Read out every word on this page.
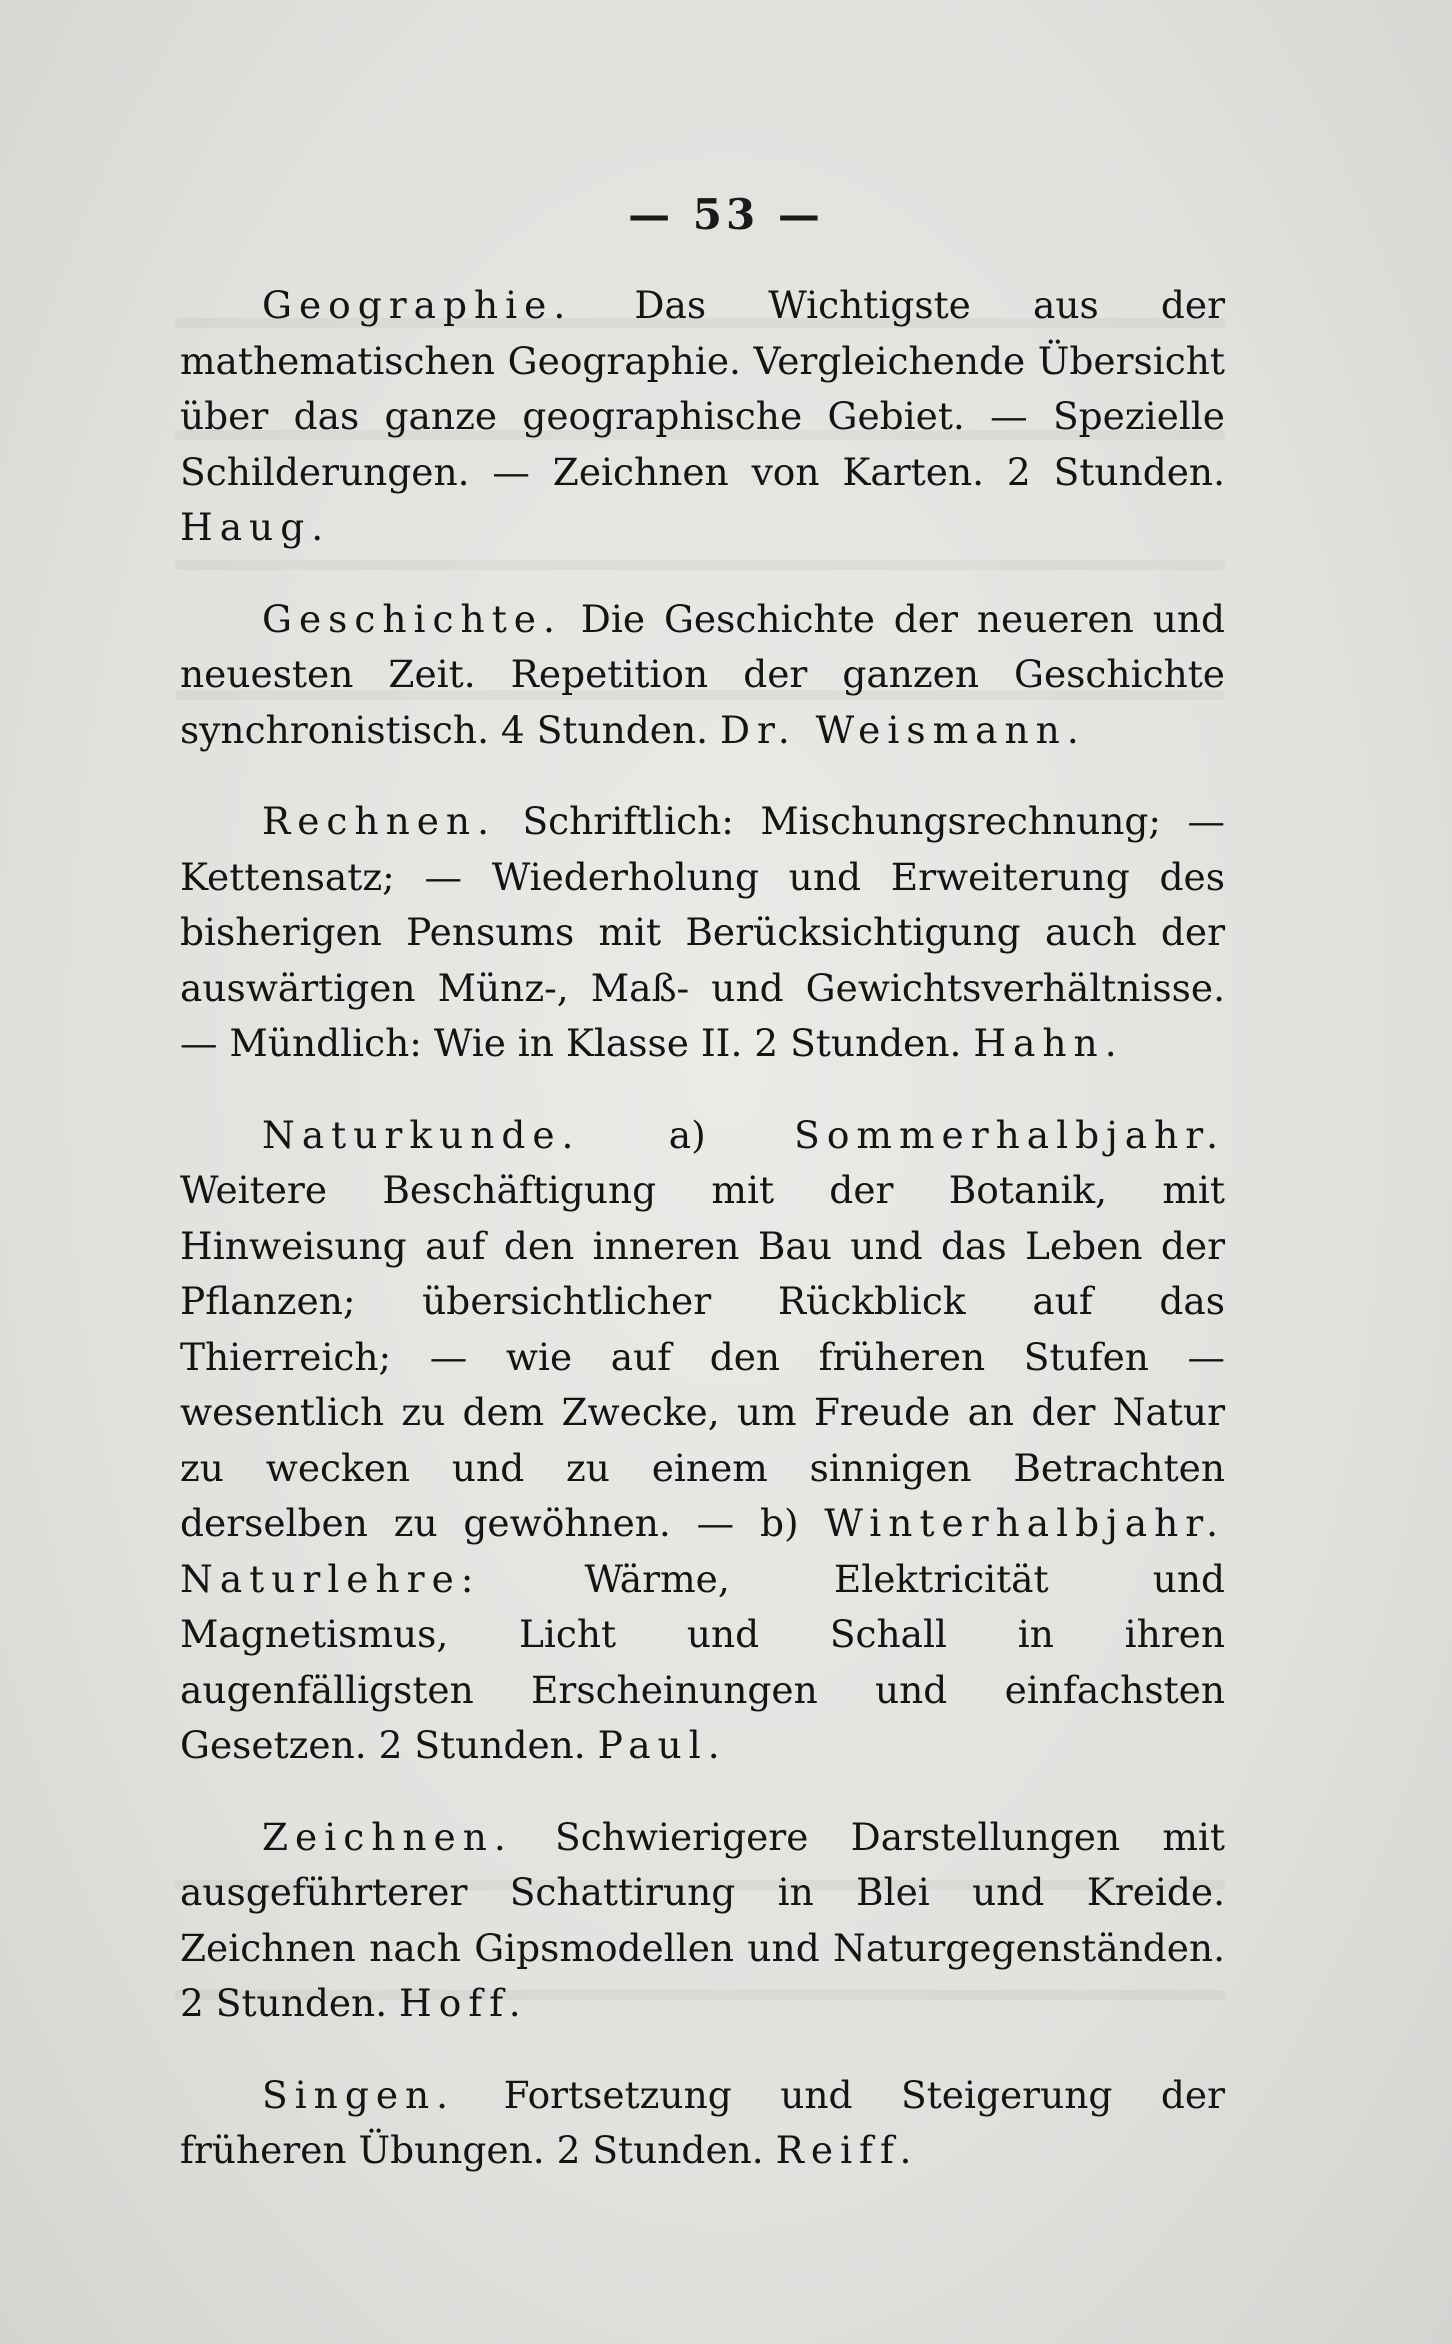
— 53 —

Geographie. Das Wichtigste aus der mathematischen Geographie. Vergleichende Übersicht über das ganze geographische Gebiet. — Spezielle Schilderungen. — Zeichnen von Karten. 2 Stunden. Haug.

Geschichte. Die Geschichte der neueren und neuesten Zeit. Repetition der ganzen Geschichte synchronistisch. 4 Stunden. Dr. Weismann.

Rechnen. Schriftlich: Mischungsrechnung; — Kettensatz; — Wiederholung und Erweiterung des bisherigen Pensums mit Berücksichtigung auch der auswärtigen Münz-, Maß- und Gewichtsverhältnisse. — Mündlich: Wie in Klasse II. 2 Stunden. Hahn.

Naturkunde. a) Sommerhalbjahr. Weitere Beschäftigung mit der Botanik, mit Hinweisung auf den inneren Bau und das Leben der Pflanzen; übersichtlicher Rückblick auf das Thierreich; — wie auf den früheren Stufen — wesentlich zu dem Zwecke, um Freude an der Natur zu wecken und zu einem sinnigen Betrachten derselben zu gewöhnen. — b) Winterhalbjahr. Naturlehre:	Wärme, Elektricität und Magnetismus, Licht und Schall in ihren augenfälligsten Erscheinungen und einfachsten Gesetzen. 2 Stunden. Paul.

Zeichnen. Schwierigere Darstellungen mit ausgeführterer Schattirung in Blei und Kreide. Zeichnen nach Gipsmodellen und Naturgegenständen. 2 Stunden. Hoff.

Singen. Fortsetzung und Steigerung der früheren Übungen. 2 Stunden. Reiff.
